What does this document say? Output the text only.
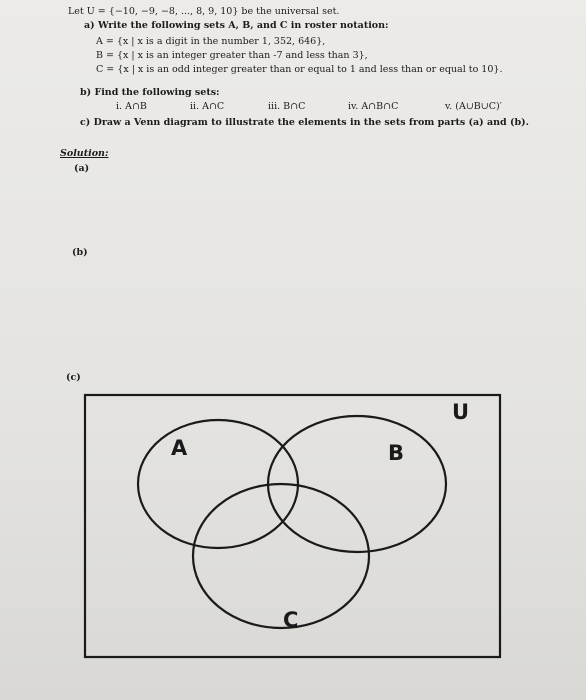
Let U = {−10, −9, −8, ..., 8, 9, 10} be the universal set.
a) Write the following sets A, B, and C in roster notation:
A = {x | x is a digit in the number 1, 352, 646},
B = {x | x is an integer greater than -7 and less than 3},
C = {x | x is an odd integer greater than or equal to 1 and less than or equal to 10}.
b) Find the following sets:
i. A∩B	ii. A∩C	iii. B∩C	iv. A∩B∩C	v. (A∪B∪C)′
c) Draw a Venn diagram to illustrate the elements in the sets from parts (a) and (b).
Solution:
(a)
(b)
(c)
U
A	B
C
